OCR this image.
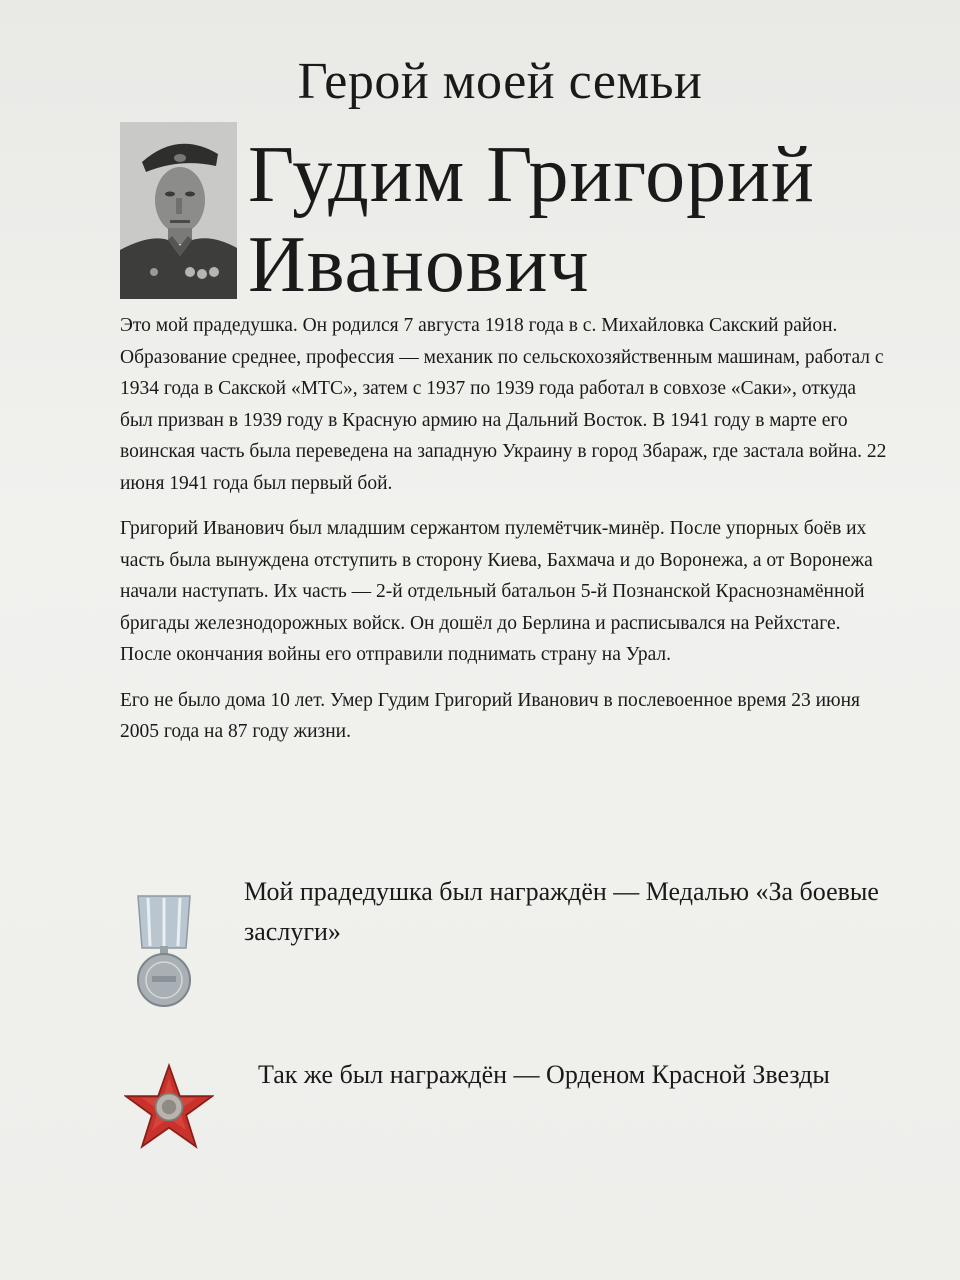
Герой моей семьи
Гудим Григорий
Иванович

Это мой прадедушка. Он родился 7 августа 1918 года в с. Михайловка Сакский район. Образование среднее, профессия — механик по сельскохозяйственным машинам, работал с 1934 года в Сакской «МТС», затем с 1937 по 1939 года работал в совхозе «Саки», откуда был призван в 1939 году в Красную армию на Дальний Восток. В 1941 году в марте его воинская часть была переведена на западную Украину в город Збараж, где застала война. 22 июня 1941 года был первый бой.

Григорий Иванович был младшим сержантом пулемётчик-минёр. После упорных боёв их часть была вынуждена отступить в сторону Киева, Бахмача и до Воронежа, а от Воронежа начали наступать. Их часть — 2-й отдельный батальон 5-й Познанской Краснознамённой бригады железнодорожных войск. Он дошёл до Берлина и расписывался на Рейхстаге. После окончания войны его отправили поднимать страну на Урал.

Его не было дома 10 лет. Умер Гудим Григорий Иванович в послевоенное время 23 июня 2005 года на 87 году жизни.

Мой прадедушка был награждён — Медалью «За боевые заслуги»
Так же был награждён — Орденом Красной Звезды
